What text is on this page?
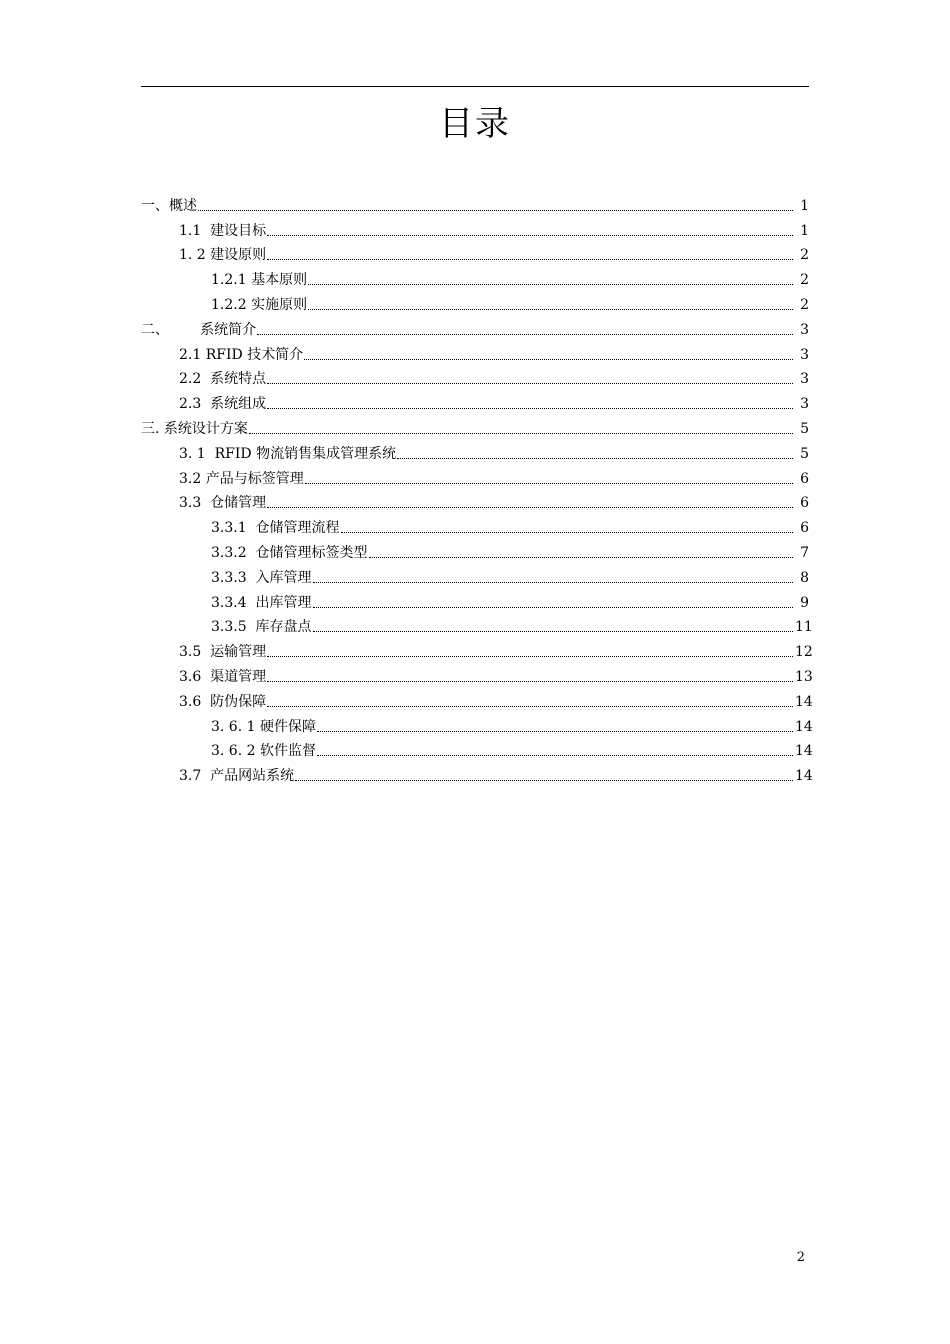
目录
一、概述	1
1.1  建设目标	1
1. 2 建设原则	2
1.2.1 基本原则	2
1.2.2 实施原则	2
二、       系统简介	3
2.1 RFID 技术简介	3
2.2  系统特点	3
2.3  系统组成	3
三. 系统设计方案	5
3. 1  RFID 物流销售集成管理系统	5
3.2 产品与标签管理	6
3.3  仓储管理	6
3.3.1  仓储管理流程	6
3.3.2  仓储管理标签类型	7
3.3.3  入库管理	8
3.3.4  出库管理	9
3.3.5  库存盘点	11
3.5  运输管理	12
3.6  渠道管理	13
3.6  防伪保障	14
3. 6. 1 硬件保障	14
3. 6. 2 软件监督	14
3.7  产品网站系统	14
2
